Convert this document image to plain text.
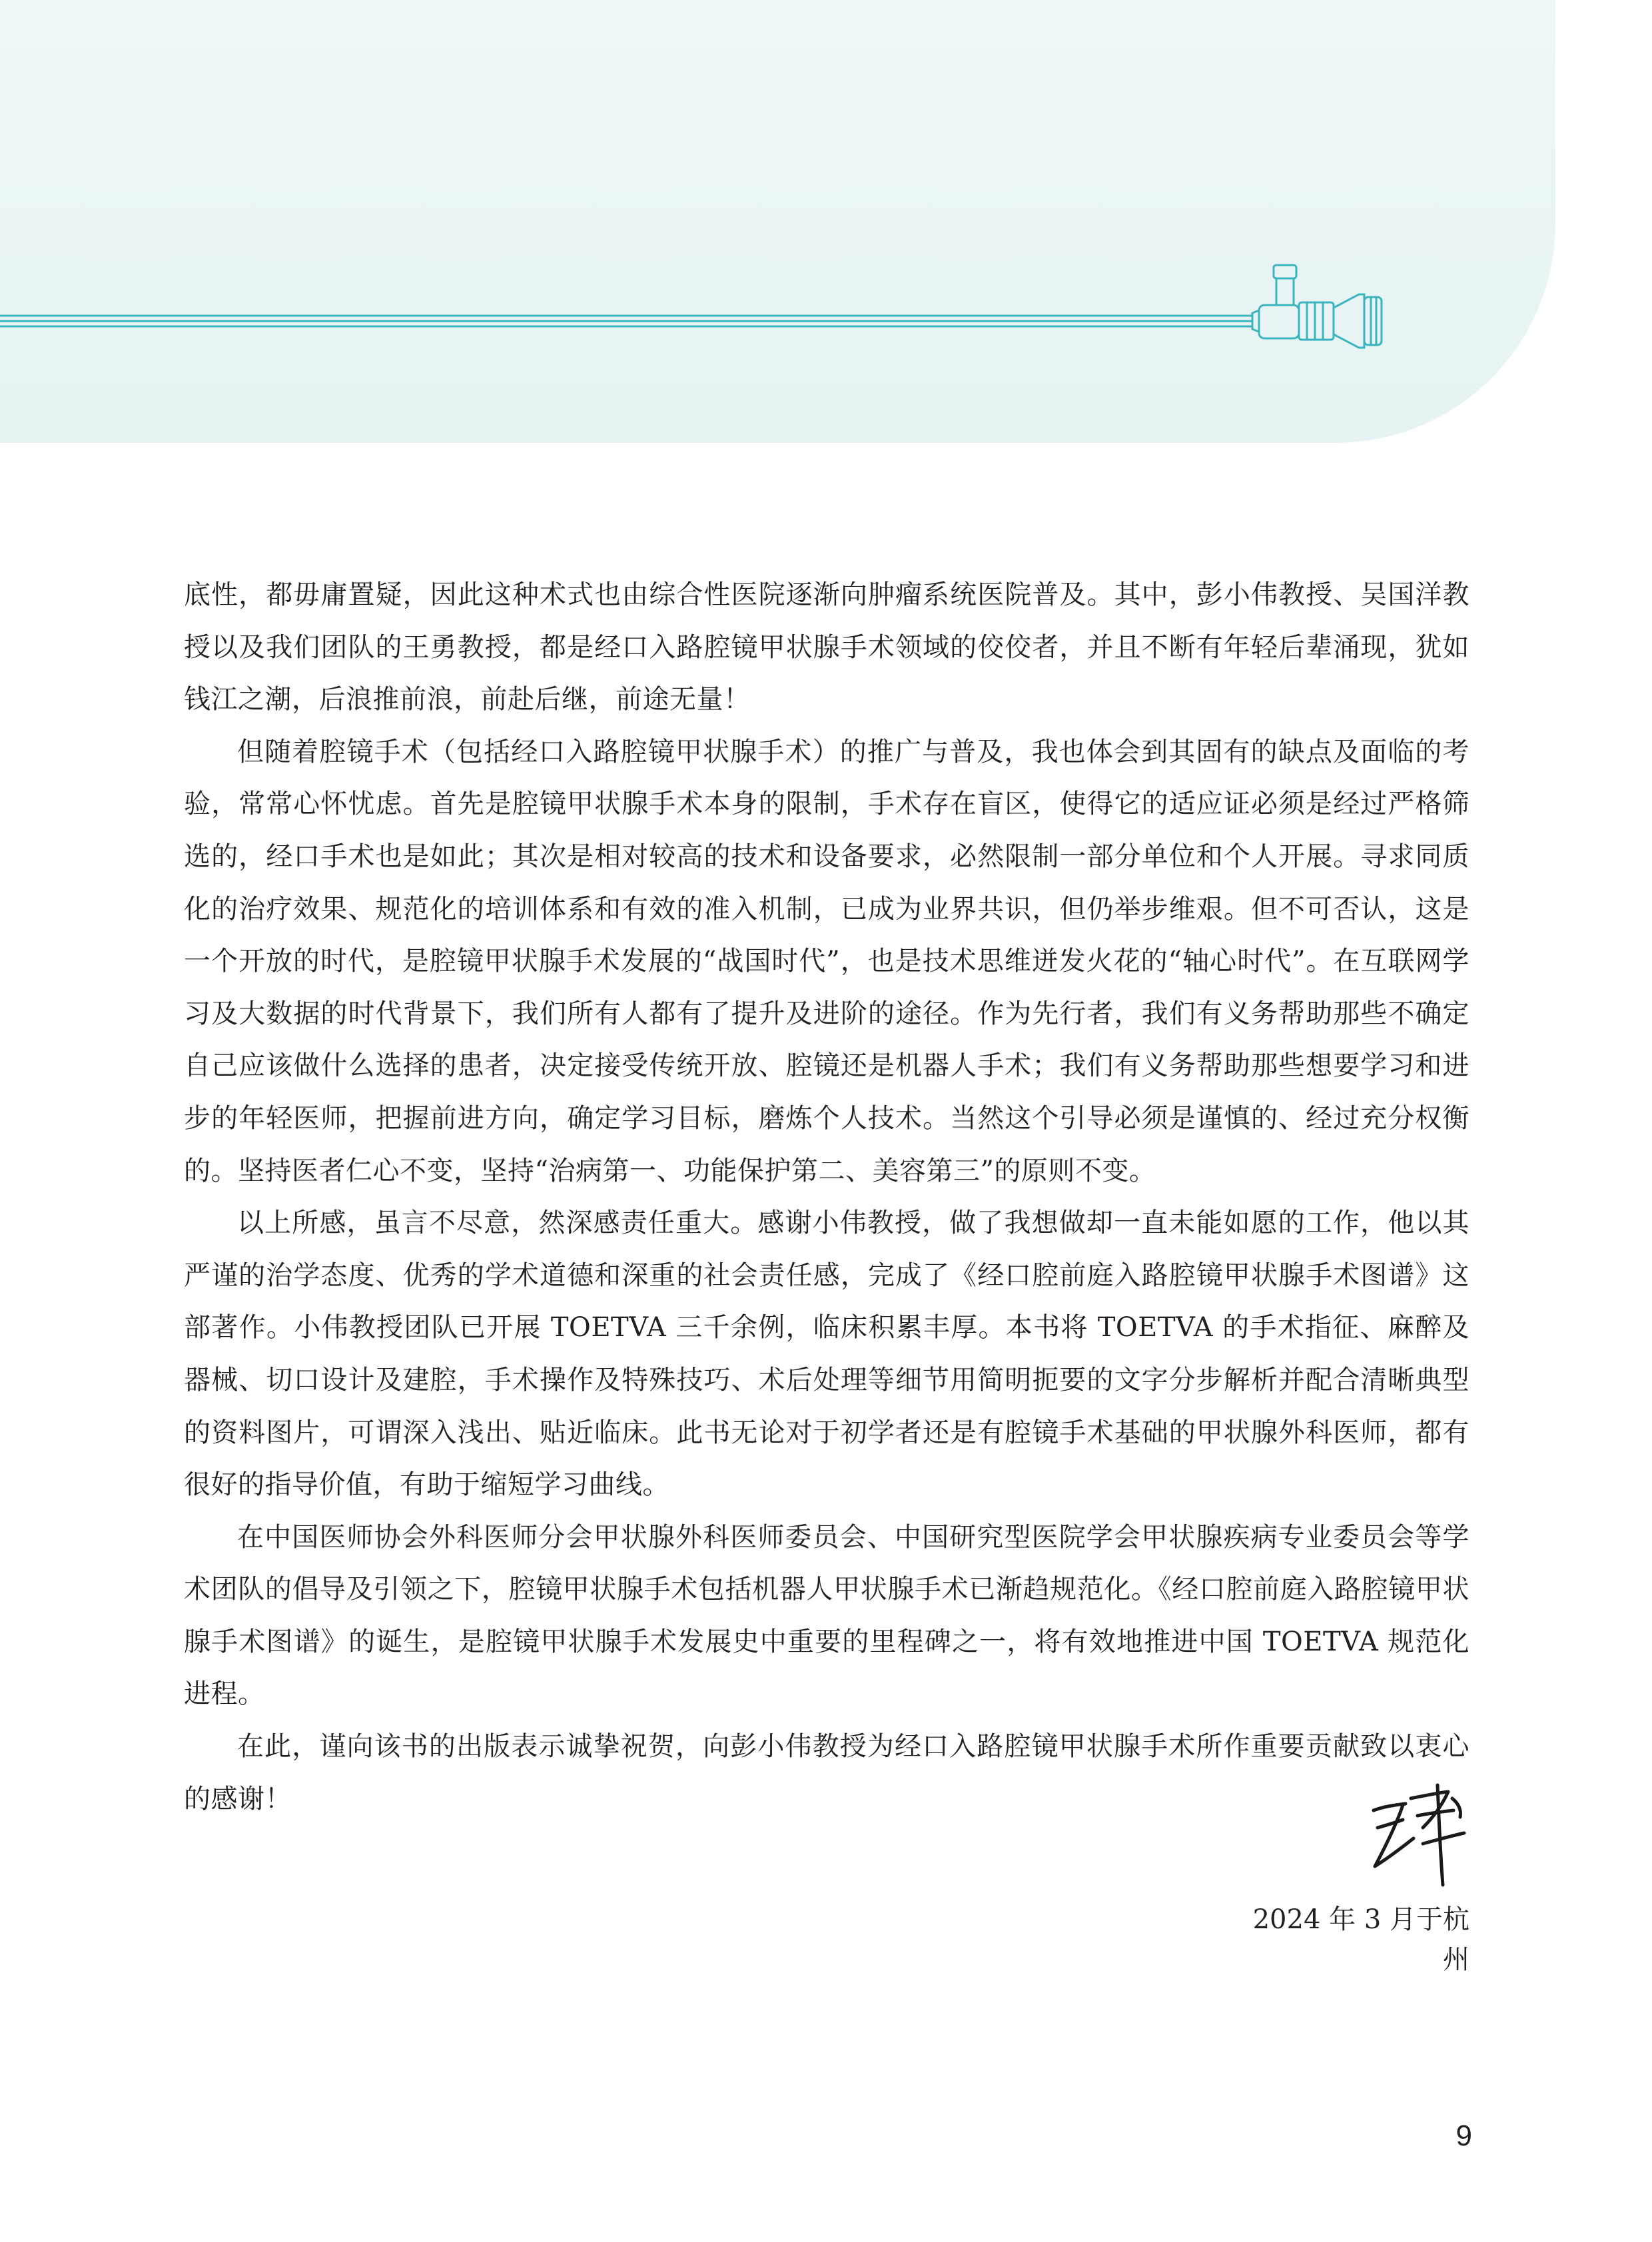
底性，都毋庸置疑，因此这种术式也由综合性医院逐渐向肿瘤系统医院普及。其中，彭小伟教授、吴国洋教授以及我们团队的王勇教授，都是经口入路腔镜甲状腺手术领域的佼佼者，并且不断有年轻后辈涌现，犹如钱江之潮，后浪推前浪，前赴后继，前途无量！

但随着腔镜手术（包括经口入路腔镜甲状腺手术）的推广与普及，我也体会到其固有的缺点及面临的考验，常常心怀忧虑。首先是腔镜甲状腺手术本身的限制，手术存在盲区，使得它的适应证必须是经过严格筛选的，经口手术也是如此；其次是相对较高的技术和设备要求，必然限制一部分单位和个人开展。寻求同质化的治疗效果、规范化的培训体系和有效的准入机制，已成为业界共识，但仍举步维艰。但不可否认，这是一个开放的时代，是腔镜甲状腺手术发展的“战国时代”，也是技术思维迸发火花的“轴心时代”。在互联网学习及大数据的时代背景下，我们所有人都有了提升及进阶的途径。作为先行者，我们有义务帮助那些不确定自己应该做什么选择的患者，决定接受传统开放、腔镜还是机器人手术；我们有义务帮助那些想要学习和进步的年轻医师，把握前进方向，确定学习目标，磨炼个人技术。当然这个引导必须是谨慎的、经过充分权衡的。坚持医者仁心不变，坚持“治病第一、功能保护第二、美容第三”的原则不变。

以上所感，虽言不尽意，然深感责任重大。感谢小伟教授，做了我想做却一直未能如愿的工作，他以其严谨的治学态度、优秀的学术道德和深重的社会责任感，完成了《经口腔前庭入路腔镜甲状腺手术图谱》这部著作。小伟教授团队已开展 TOETVA 三千余例，临床积累丰厚。本书将 TOETVA 的手术指征、麻醉及器械、切口设计及建腔，手术操作及特殊技巧、术后处理等细节用简明扼要的文字分步解析并配合清晰典型的资料图片，可谓深入浅出、贴近临床。此书无论对于初学者还是有腔镜手术基础的甲状腺外科医师，都有很好的指导价值，有助于缩短学习曲线。

在中国医师协会外科医师分会甲状腺外科医师委员会、中国研究型医院学会甲状腺疾病专业委员会等学术团队的倡导及引领之下，腔镜甲状腺手术包括机器人甲状腺手术已渐趋规范化。《经口腔前庭入路腔镜甲状腺手术图谱》的诞生，是腔镜甲状腺手术发展史中重要的里程碑之一，将有效地推进中国 TOETVA 规范化进程。

在此，谨向该书的出版表示诚挚祝贺，向彭小伟教授为经口入路腔镜甲状腺手术所作重要贡献致以衷心的感谢！

2024 年 3 月于杭州
9
